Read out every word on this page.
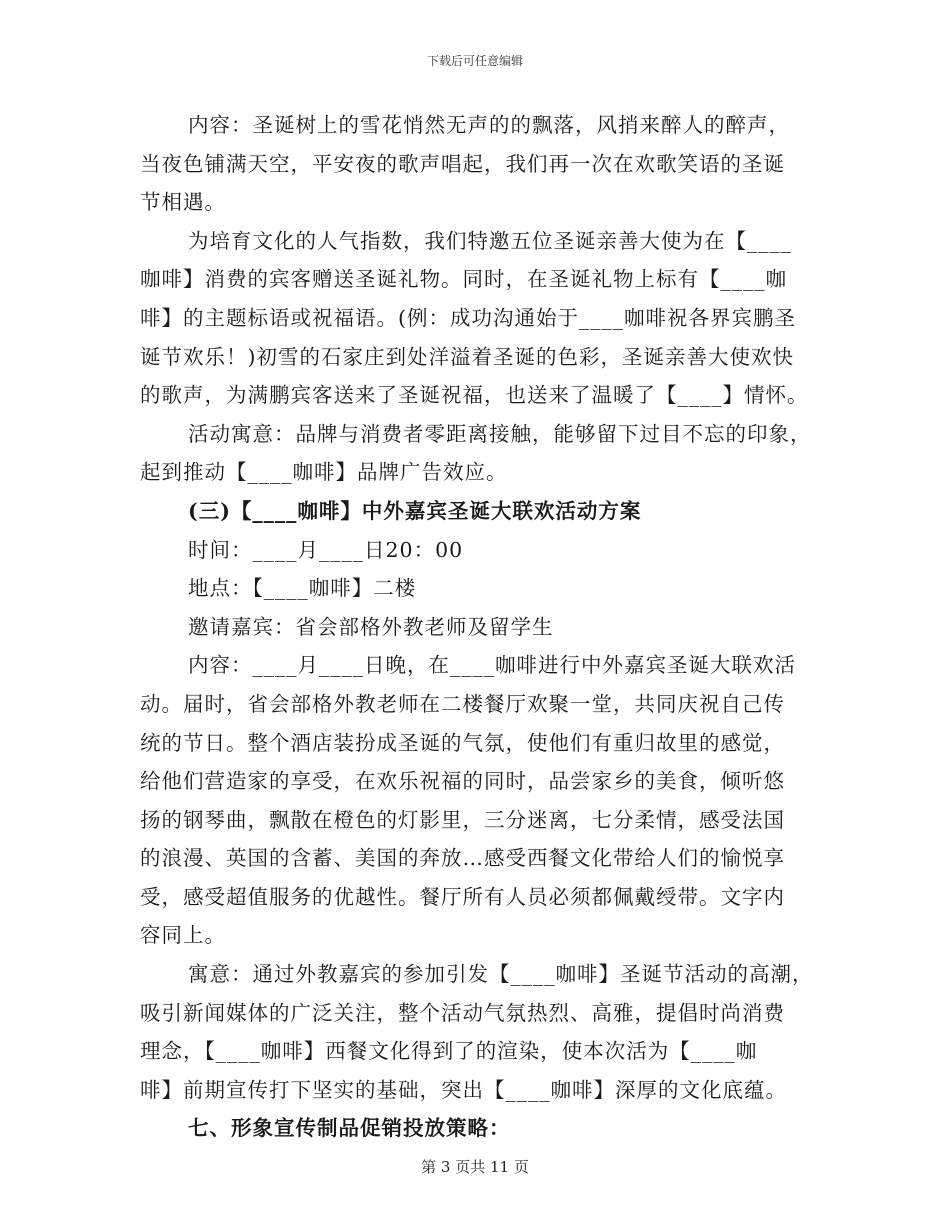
下载后可任意编辑
内容：圣诞树上的雪花悄然无声的的飘落，风捎来醉人的醉声，
当夜色铺满天空，平安夜的歌声唱起，我们再一次在欢歌笑语的圣诞
节相遇。
为培育文化的人气指数，我们特邀五位圣诞亲善大使为在【____
咖啡】消费的宾客赠送圣诞礼物。同时，在圣诞礼物上标有【____咖
啡】的主题标语或祝福语。(例：成功沟通始于____咖啡祝各界宾鹏圣
诞节欢乐！)初雪的石家庄到处洋溢着圣诞的色彩，圣诞亲善大使欢快
的歌声，为满鹏宾客送来了圣诞祝福，也送来了温暖了【____】情怀。
活动寓意：品牌与消费者零距离接触，能够留下过目不忘的印象，
起到推动【____咖啡】品牌广告效应。
(三)【____咖啡】中外嘉宾圣诞大联欢活动方案
时间：____月____日20：00
地点：【____咖啡】二楼
邀请嘉宾：省会部格外教老师及留学生
内容：____月____日晚，在____咖啡进行中外嘉宾圣诞大联欢活
动。届时，省会部格外教老师在二楼餐厅欢聚一堂，共同庆祝自己传
统的节日。整个酒店装扮成圣诞的气氛，使他们有重归故里的感觉，
给他们营造家的享受，在欢乐祝福的同时，品尝家乡的美食，倾听悠
扬的钢琴曲，飘散在橙色的灯影里，三分迷离，七分柔情，感受法国
的浪漫、英国的含蓄、美国的奔放…感受西餐文化带给人们的愉悦享
受，感受超值服务的优越性。餐厅所有人员必须都佩戴绶带。文字内
容同上。
寓意：通过外教嘉宾的参加引发【____咖啡】圣诞节活动的高潮，
吸引新闻媒体的广泛关注，整个活动气氛热烈、高雅，提倡时尚消费
理念，【____咖啡】西餐文化得到了的渲染，使本次活为【____咖
啡】前期宣传打下坚实的基础，突出【____咖啡】深厚的文化底蕴。
七、形象宣传制品促销投放策略：
第 3 页共 11 页
